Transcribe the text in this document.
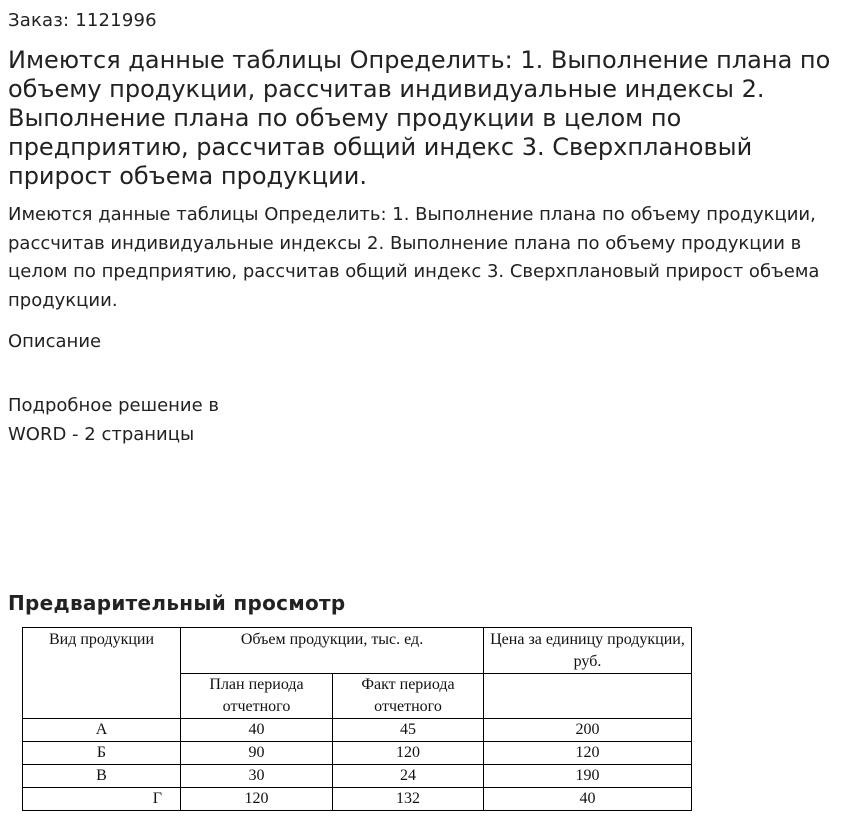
Заказ: 1121996
Имеются данные таблицы Определить: 1. Выполнение плана по объему продукции, рассчитав индивидуальные индексы 2. Выполнение плана по объему продукции в целом по предприятию, рассчитав общий индекс 3. Сверхплановый прирост объема продукции.

Имеются данные таблицы Определить: 1. Выполнение плана по объему продукции, рассчитав индивидуальные индексы 2. Выполнение плана по объему продукции в целом по предприятию, рассчитав общий индекс 3. Сверхплановый прирост объема продукции.

Описание
Подробное решение в
WORD - 2 страницы
Предварительный просмотр
Вид продукции	Объем продукции, тыс. ед.		Цена за единицу продукции, руб.
	План периода отчетного	Факт периода отчетного	
А	40	45	200
Б	90	120	120
В	30	24	190
Г	120	132	40
